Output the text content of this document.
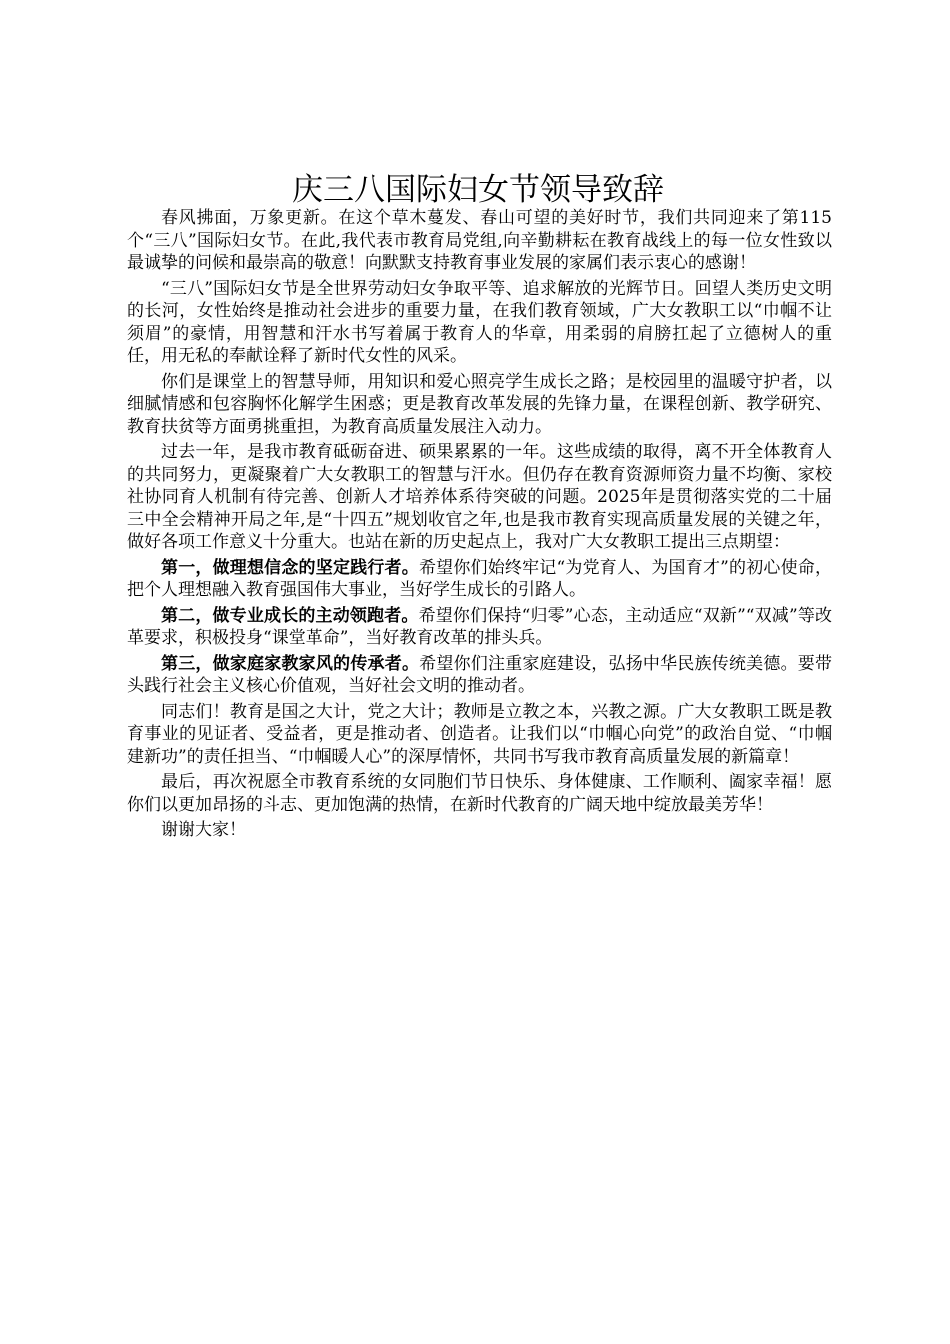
庆三八国际妇女节领导致辞

春风拂面，万象更新。在这个草木蔓发、春山可望的美好时节，我们共同迎来了第115个“三八”国际妇女节。在此,我代表市教育局党组,向辛勤耕耘在教育战线上的每一位女性致以最诚挚的问候和最崇高的敬意！向默默支持教育事业发展的家属们表示衷心的感谢！

“三八”国际妇女节是全世界劳动妇女争取平等、追求解放的光辉节日。回望人类历史文明的长河，女性始终是推动社会进步的重要力量，在我们教育领域，广大女教职工以“巾帼不让须眉”的豪情，用智慧和汗水书写着属于教育人的华章，用柔弱的肩膀扛起了立德树人的重任，用无私的奉献诠释了新时代女性的风采。

你们是课堂上的智慧导师，用知识和爱心照亮学生成长之路；是校园里的温暖守护者，以细腻情感和包容胸怀化解学生困惑；更是教育改革发展的先锋力量，在课程创新、教学研究、教育扶贫等方面勇挑重担，为教育高质量发展注入动力。

过去一年，是我市教育砥砺奋进、硕果累累的一年。这些成绩的取得，离不开全体教育人的共同努力，更凝聚着广大女教职工的智慧与汗水。但仍存在教育资源师资力量不均衡、家校社协同育人机制有待完善、创新人才培养体系待突破的问题。2025年是贯彻落实党的二十届三中全会精神开局之年,是“十四五”规划收官之年,也是我市教育实现高质量发展的关键之年，做好各项工作意义十分重大。也站在新的历史起点上，我对广大女教职工提出三点期望：

第一，做理想信念的坚定践行者。希望你们始终牢记“为党育人、为国育才”的初心使命，把个人理想融入教育强国伟大事业，当好学生成长的引路人。

第二，做专业成长的主动领跑者。希望你们保持“归零”心态，主动适应“双新”“双减”等改革要求，积极投身“课堂革命”，当好教育改革的排头兵。

第三，做家庭家教家风的传承者。希望你们注重家庭建设，弘扬中华民族传统美德。要带头践行社会主义核心价值观，当好社会文明的推动者。

同志们！教育是国之大计，党之大计；教师是立教之本，兴教之源。广大女教职工既是教育事业的见证者、受益者，更是推动者、创造者。让我们以“巾帼心向党”的政治自觉、“巾帼建新功”的责任担当、“巾帼暖人心”的深厚情怀，共同书写我市教育高质量发展的新篇章！

最后，再次祝愿全市教育系统的女同胞们节日快乐、身体健康、工作顺利、阖家幸福！愿你们以更加昂扬的斗志、更加饱满的热情，在新时代教育的广阔天地中绽放最美芳华！

谢谢大家！
